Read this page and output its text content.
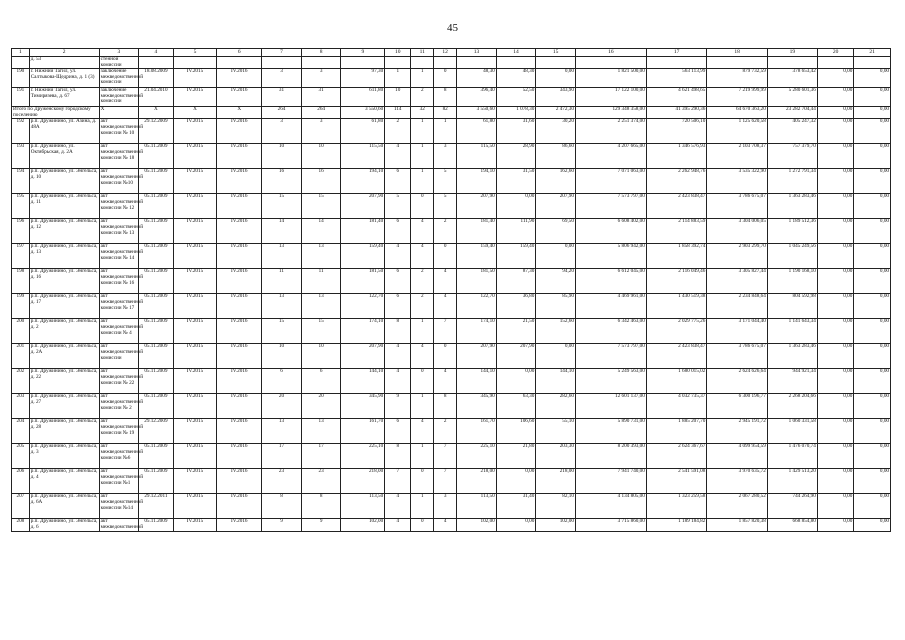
45
1	2	3	4	5	6	7	8	9	10	11	12	13	14	15	16	17	18	19	20	21
	д. 53	стенной комиссии																		
190	г. Нижний Тагил, ул. Салтыкова-Щедрина, д. 1 (3)	заключение межведомственной комиссии	18.08.2009	IV.2015	IV.2016	3	3	97,30	1	1	0	48,30	48,30	0,00	1 821 500,00	563 113,99	879 732,59	378 653,42	0,00	0,00
191	г. Нижний Тагил, ул. Тимирязева, д. 67	заключение межведомственной комиссии	21.04.2010	IV.2015	IV.2016	31	31	611,80	10	2	8	396,40	52,50	343,90	17 122 100,00	4 621 498,65	7 219 999,99	5 280 601,36	0,00	0,00
Итого по Друженскому городскому поселению		X	X	X	X	264	264	3 550,60	114	32	82	3 550,60	1 078,30	2 472,30	129 348 358,00	41 395 290,36	64 670 363,20	23 282 704,44	0,00	0,00
192	р.п. Дружинино, ул. Азина, д. 48А	акт межведомственной комиссии № 10	29.12.2009	IV.2015	IV.2016	3	3	61,80	2	1	1	61,80	31,60	30,20	2 251 374,00	720 506,10	1 125 620,58	405 247,32	0,00	0,00
193	р.п. Дружинино, ул. Октябрьская, д. 2А	акт межведомственной комиссии № 18	05.11.2009	IV.2015	IV.2016	10	10	115,50	4	1	3	115,50	28,90	86,60	4 207 665,00	1 346 576,93	2 103 708,37	757 379,70	0,00	0,00
194	р.п. Дружинино, ул. Энгельса, д. 10	акт межведомственной комиссии №10	05.11.2009	IV.2015	IV.2016	16	16	194,10	6	1	5	194,10	31,50	162,60	7 071 063,00	2 262 948,76	3 535 322,90	1 272 791,34	0,00	0,00
195	р.п. Дружинино, ул. Энгельса, д. 11	акт межведомственной комиссии № 12	05.11.2009	IV.2015	IV.2016	15	15	207,90	5	0	5	207,90	0,00	207,90	7 573 797,00	2 423 838,47	3 786 675,07	1 363 283,46	0,00	0,00
196	р.п. Дружинино, ул. Энгельса, д. 12	акт межведомственной комиссии № 13	05.11.2009	IV.2015	IV.2016	14	14	181,40	6	4	2	181,40	111,90	69,50	6 608 402,00	2 114 883,59	3 304 006,05	1 189 512,36	0,00	0,00
197	р.п. Дружинино, ул. Энгельса, д. 13	акт межведомственной комиссии № 14	05.11.2009	IV.2015	IV.2016	13	13	159,40	4	4	0	159,40	159,40	0,00	5 806 942,00	1 858 392,74	2 903 299,70	1 045 249,56	0,00	0,00
198	р.п. Дружинино, ул. Энгельса, д. 16	акт межведомственной комиссии № 16	05.11.2009	IV.2015	IV.2016	11	11	181,50	6	2	4	181,50	87,30	94,20	6 612 045,00	2 116 049,46	3 305 827,44	1 190 168,10	0,00	0,00
199	р.п. Дружинино, ул. Энгельса, д. 17	акт межведомственной комиссии № 17	05.11.2009	IV.2015	IV.2016	13	13	122,70	6	2	4	122,70	36,80	85,90	4 469 961,00	1 430 519,38	2 234 848,64	804 592,98	0,00	0,00
200	р.п. Дружинино, ул. Энгельса, д. 2	акт межведомственной комиссии № 4	05.11.2009	IV.2015	IV.2016	15	15	174,10	8	1	7	174,10	21,50	152,60	6 342 463,00	2 029 775,26	3 171 044,40	1 141 643,34	0,00	0,00
201	р.п. Дружинино, ул. Энгельса, д. 2А	акт межведомственной комиссии	05.11.2009	IV.2015	IV.2016	10	10	207,90	4	4	0	207,90	207,90	0,00	7 573 797,00	2 423 838,47	3 786 675,07	1 363 283,46	0,00	0,00
202	р.п. Дружинино, ул. Энгельса, д. 22	акт межведомственной комиссии № 22	05.11.2009	IV.2015	IV.2016	6	6	144,10	4	0	4	144,10	0,00	144,10	5 249 563,00	1 680 015,02	2 624 626,64	944 921,34	0,00	0,00
203	р.п. Дружинино, ул. Энгельса, д. 27	акт межведомственной комиссии № 2	05.11.2009	IV.2015	IV.2016	20	20	345,90	9	1	8	345,90	63,30	282,60	12 601 137,00	4 032 735,37	6 300 196,77	2 268 204,66	0,00	0,00
204	р.п. Дружинино, ул. Энгельса, д. 28	акт межведомственной комиссии № 19	29.12.2009	IV.2015	IV.2016	13	13	161,70	6	4	2	161,70	106,60	55,10	5 890 731,00	1 885 207,70	2 945 191,72	1 060 331,58	0,00	0,00
205	р.п. Дружинино, ул. Энгельса, д. 3	акт межведомственной комиссии №6	05.11.2009	IV.2015	IV.2016	17	17	225,10	8	1	7	225,10	21,80	203,30	8 200 393,00	2 624 367,67	4 099 954,59	1 476 070,74	0,00	0,00
206	р.п. Дружинино, ул. Энгельса, д. 4	акт межведомственной комиссии №1	05.11.2009	IV.2015	IV.2016	23	23	218,00	7	0	7	218,00	0,00	218,00	7 941 740,00	2 541 591,08	3 970 635,72	1 429 513,20	0,00	0,00
207	р.п. Дружинино, ул. Энгельса, д. 6А	акт межведомственной комиссии №14	29.12.2011	IV.2015	IV.2016	8	8	113,50	4	1	3	113,50	31,40	82,10	4 134 805,00	1 323 259,58	2 067 280,52	744 264,90	0,00	0,00
208	р.п. Дружинино, ул. Энгельса, д. 6	акт межведомственной	05.11.2009	IV.2015	IV.2016	9	9	102,00	4	0	4	102,00	0,00	102,00	3 715 860,00	1 189 184,82	1 857 820,38	668 854,80	0,00	0,00
